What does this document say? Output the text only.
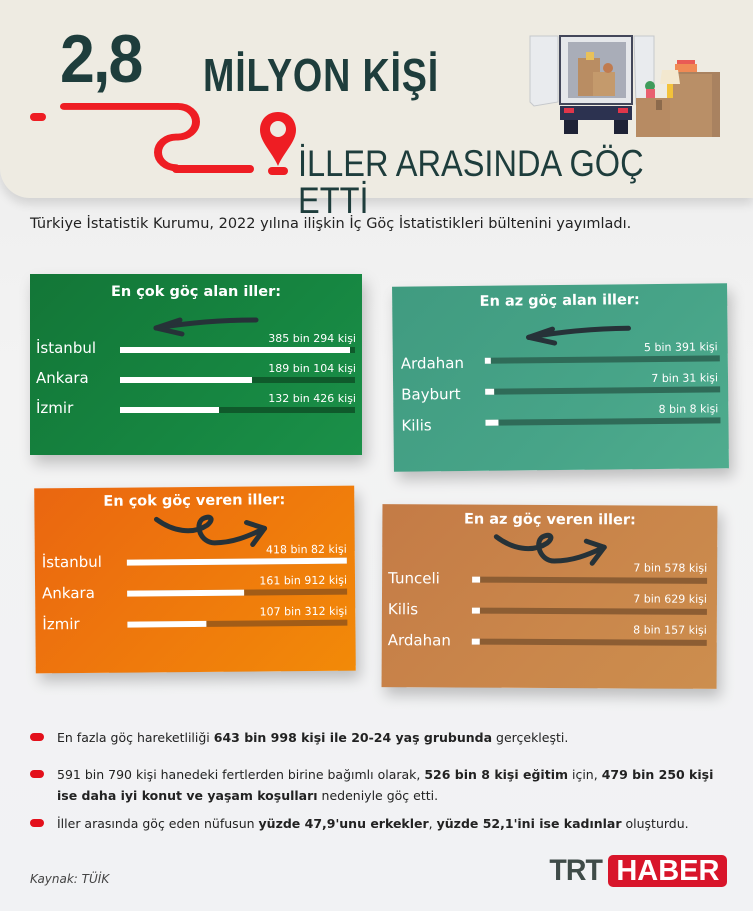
2,8 MİLYON KİŞİ
İLLER ARASINDA GÖÇ ETTİ

Türkiye İstatistik Kurumu, 2022 yılına ilişkin İç Göç İstatistikleri bültenini yayımladı.

En çok göç alan iller:
İstanbul
385 bin 294 kişi
Ankara
189 bin 104 kişi
İzmir
132 bin 426 kişi
En az göç alan iller:
Ardahan
5 bin 391 kişi
Bayburt
7 bin 31 kişi
Kilis
8 bin 8 kişi
En çok göç veren iller:
İstanbul
418 bin 82 kişi
Ankara
161 bin 912 kişi
İzmir
107 bin 312 kişi
En az göç veren iller:
Tunceli
7 bin 578 kişi
Kilis
7 bin 629 kişi
Ardahan
8 bin 157 kişi
En fazla göç hareketliliği 643 bin 998 kişi ile 20-24 yaş grubunda gerçekleşti.
591 bin 790 kişi hanedeki fertlerden birine bağımlı olarak, 526 bin 8 kişi eğitim için, 479 bin 250 kişi ise daha iyi konut ve yaşam koşulları nedeniyle göç etti.
İller arasında göç eden nüfusun yüzde 47,9'unu erkekler, yüzde 52,1'ini ise kadınlar oluşturdu.
Kaynak: TÜİK	TRT HABER
